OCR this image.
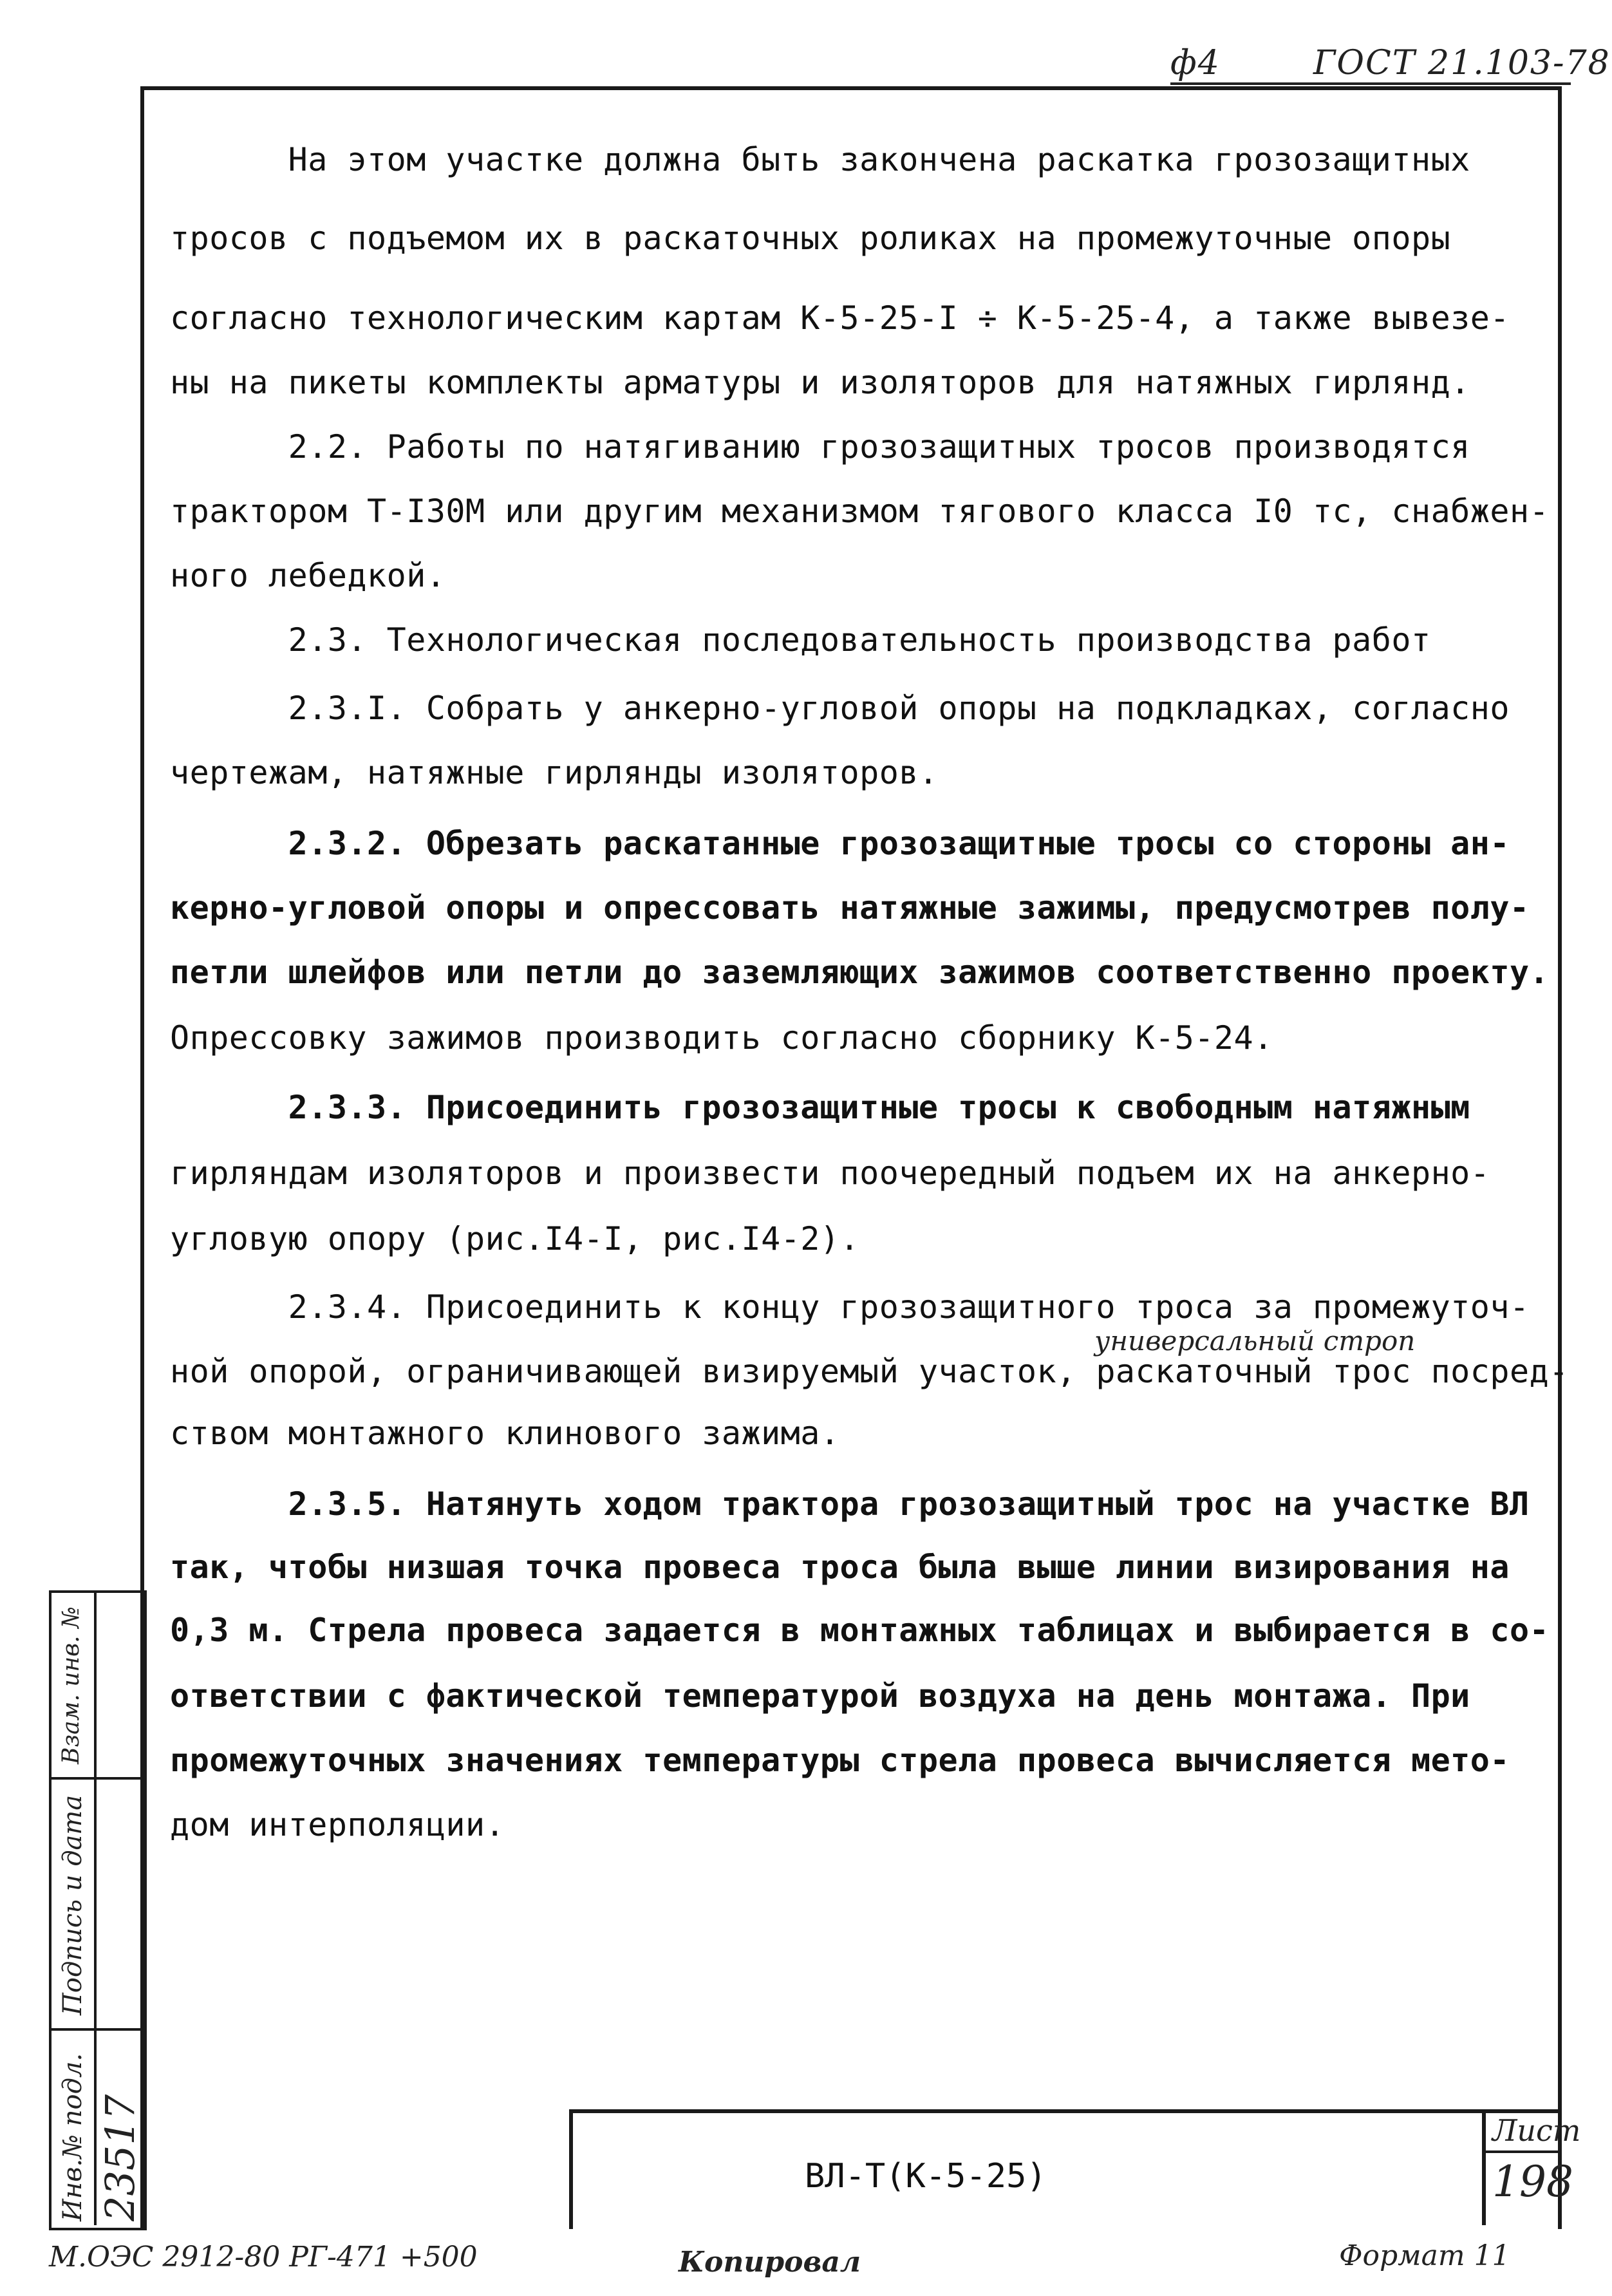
ф4	ГОСТ 21.103-78
На этом участке должна быть закончена раскатка грозозащитных
тросов с подъемом их в раскаточных роликах на промежуточные опоры
согласно технологическим картам К-5-25-I ÷ К-5-25-4, а также вывезе-
ны на пикеты комплекты арматуры и изоляторов для натяжных гирлянд.
2.2. Работы по натягиванию грозозащитных тросов производятся
трактором Т-I30М или другим механизмом тягового класса I0 тс, снабжен-
ного лебедкой.
2.3. Технологическая последовательность производства работ
2.3.I. Собрать у анкерно-угловой опоры на подкладках, согласно
чертежам, натяжные гирлянды изоляторов.
2.3.2. Обрезать раскатанные грозозащитные тросы со стороны ан-
керно-угловой опоры и опрессовать натяжные зажимы, предусмотрев полу-
петли шлейфов или петли до заземляющих зажимов соответственно проекту.
Опрессовку зажимов производить согласно сборнику К-5-24.
2.3.3. Присоединить грозозащитные тросы к свободным натяжным
гирляндам изоляторов и произвести поочередный подъем их на анкерно-
угловую опору (рис.I4-I, рис.I4-2).
2.3.4. Присоединить к концу грозозащитного троса за промежуточ-
ной опорой, ограничивающей визируемый участок, раскаточный трос посред-
ством монтажного клинового зажима.
2.3.5. Натянуть ходом трактора грозозащитный трос на участке ВЛ
так, чтобы низшая точка провеса троса была выше линии визирования на
0,3 м. Стрела провеса задается в монтажных таблицах и выбирается в со-
ответствии с фактической температурой воздуха на день монтажа. При
промежуточных значениях температуры стрела провеса вычисляется мето-
дом интерполяции.
универсальный строп
Взам. инв. №
Подпись и дата
Инв.№ подл. 23517	ВЛ-Т(К-5-25)
Лист
198
М.ОЭС 2912-80 РГ-471 +500	Копировал	Формат 11
